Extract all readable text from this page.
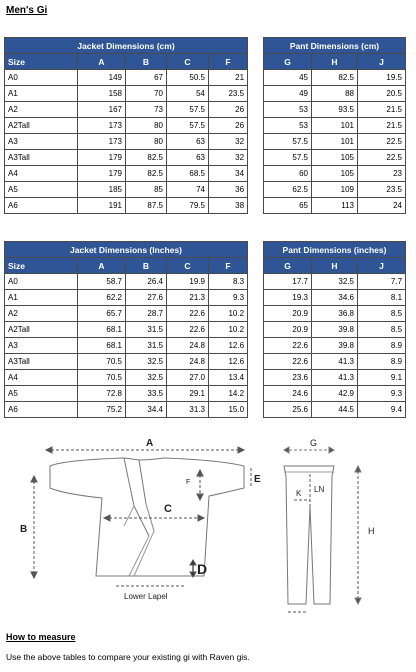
Men's Gi
Jacket Dimensions (cm)				
Size	A	B	C	F
A0	149	67	50.5	21
A1	158	70	54	23.5
A2	167	73	57.5	26
A2Tall	173	80	57.5	26
A3	173	80	63	32
A3Tall	179	82.5	63	32
A4	179	82.5	68.5	34
A5	185	85	74	36
A6	191	87.5	79.5	38
Pant Dimensions (cm)		
G	H	J
45	82.5	19.5
49	88	20.5
53	93.5	21.5
53	101	21.5
57.5	101	22.5
57.5	105	22.5
60	105	23
62.5	109	23.5
65	113	24
Jacket Dimensions (Inches)				
Size	A	B	C	F
A0	58.7	26.4	19.9	8.3
A1	62.2	27.6	21.3	9.3
A2	65.7	28.7	22.6	10.2
A2Tall	68.1	31.5	22.6	10.2
A3	68.1	31.5	24.8	12.6
A3Tall	70.5	32.5	24.8	12.6
A4	70.5	32.5	27.0	13.4
A5	72.8	33.5	29.1	14.2
A6	75.2	34.4	31.3	15.0
Pant Dimensions (inches)		
G	H	J
17.7	32.5	7.7
19.3	34.6	8.1
20.9	36.8	8.5
20.9	39.8	8.5
22.6	39.8	8.9
22.6	41.3	8.9
23.6	41.3	9.1
24.6	42.9	9.3
25.6	44.5	9.4
A
B
C
F	E
D
Lower Lapel
G
K LN
H
How to measure
Use the above tables to compare your existing gi with Raven gis.
